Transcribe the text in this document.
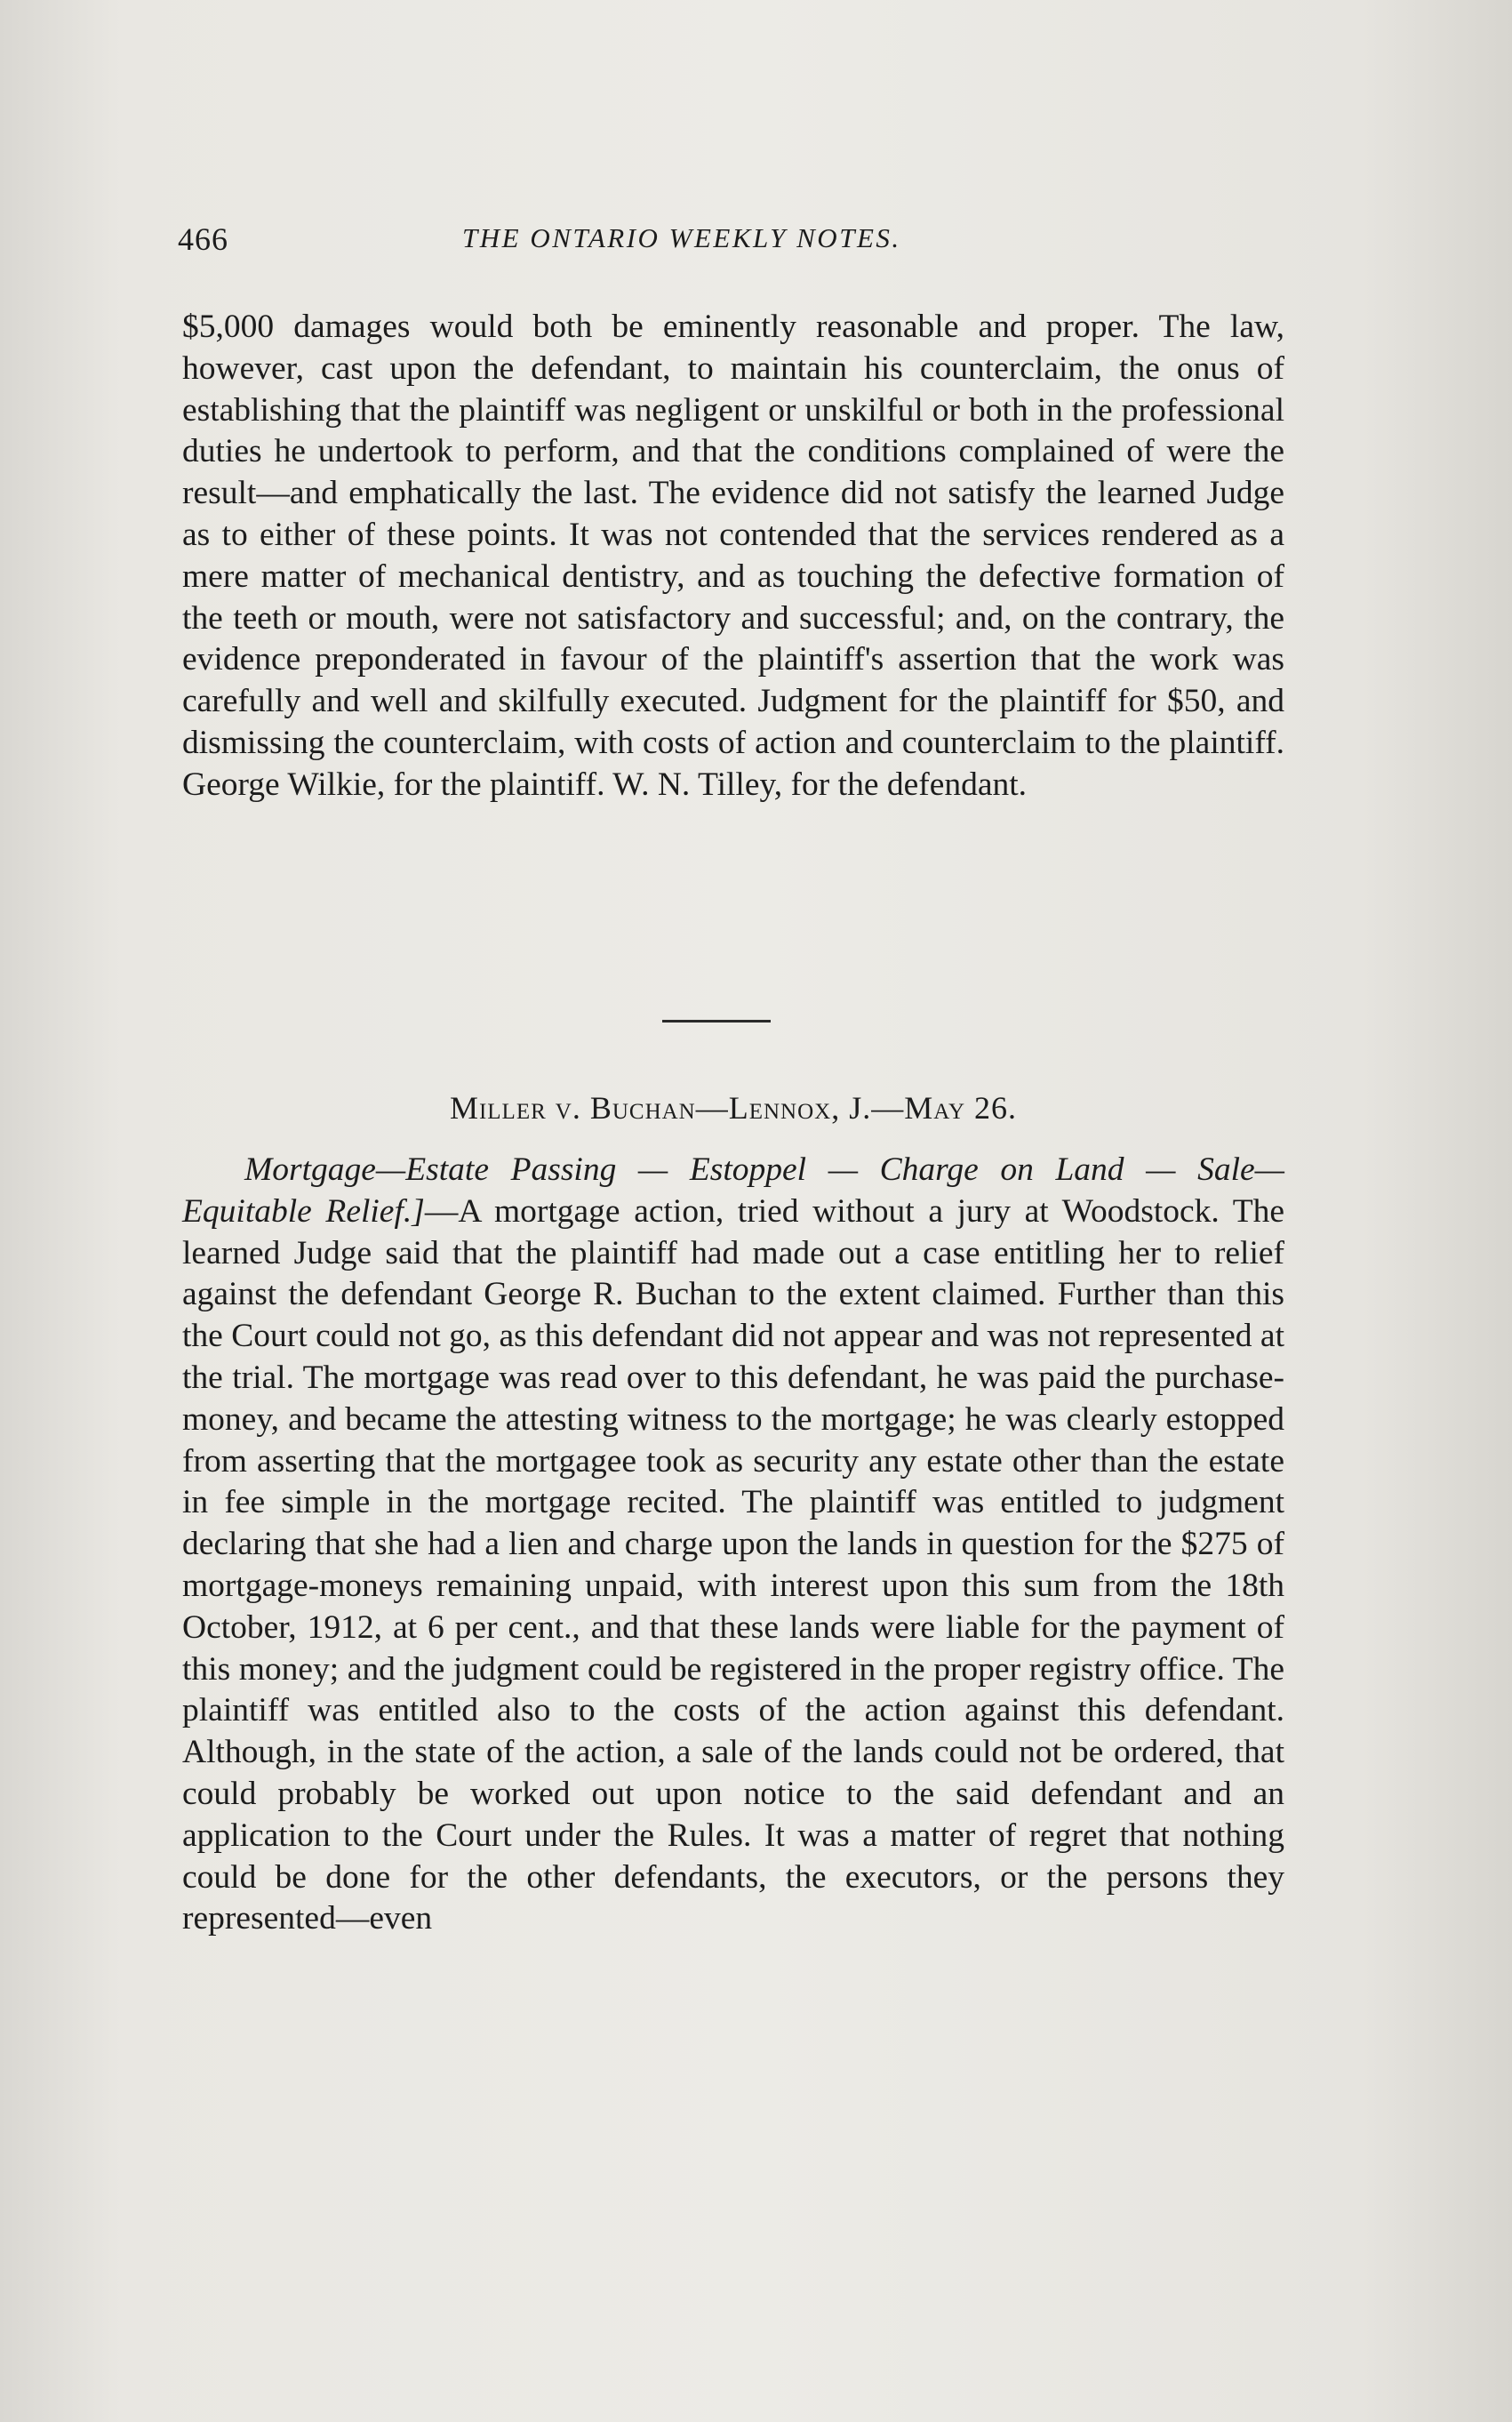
466	THE ONTARIO WEEKLY NOTES.

$5,000 damages would both be eminently reasonable and proper. The law, however, cast upon the defendant, to maintain his counterclaim, the onus of establishing that the plaintiff was negligent or unskilful or both in the professional duties he undertook to perform, and that the conditions complained of were the result—and emphatically the last. The evidence did not satisfy the learned Judge as to either of these points. It was not contended that the services rendered as a mere matter of mechanical dentistry, and as touching the defective formation of the teeth or mouth, were not satisfactory and successful; and, on the contrary, the evidence preponderated in favour of the plaintiff's assertion that the work was carefully and well and skilfully executed. Judgment for the plaintiff for $50, and dismissing the counterclaim, with costs of action and counterclaim to the plaintiff. George Wilkie, for the plaintiff. W. N. Tilley, for the defendant.

Miller v. Buchan—Lennox, J.—May 26.

Mortgage—Estate Passing — Estoppel — Charge on Land — Sale—Equitable Relief.]—A mortgage action, tried without a jury at Woodstock. The learned Judge said that the plaintiff had made out a case entitling her to relief against the defendant George R. Buchan to the extent claimed. Further than this the Court could not go, as this defendant did not appear and was not represented at the trial. The mortgage was read over to this defendant, he was paid the purchase-money, and became the attesting witness to the mortgage; he was clearly estopped from asserting that the mortgagee took as security any estate other than the estate in fee simple in the mortgage recited. The plaintiff was entitled to judgment declaring that she had a lien and charge upon the lands in question for the $275 of mortgage-moneys remaining unpaid, with interest upon this sum from the 18th October, 1912, at 6 per cent., and that these lands were liable for the payment of this money; and the judgment could be registered in the proper registry office. The plaintiff was entitled also to the costs of the action against this defendant. Although, in the state of the action, a sale of the lands could not be ordered, that could probably be worked out upon notice to the said defendant and an application to the Court under the Rules. It was a matter of regret that nothing could be done for the other defendants, the executors, or the persons they represented—even
